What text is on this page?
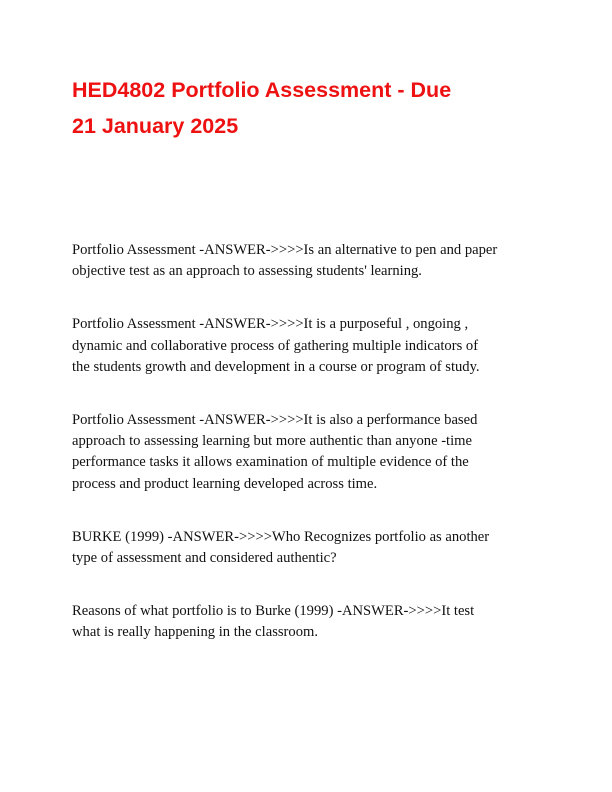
HED4802 Portfolio Assessment - Due
21 January 2025
Portfolio Assessment -ANSWER->>>>Is an alternative to pen and paper
objective test as an approach to assessing students' learning.
Portfolio Assessment -ANSWER->>>>It is a purposeful , ongoing ,
dynamic and collaborative process of gathering multiple indicators of
the students growth and development in a course or program of study.
Portfolio Assessment -ANSWER->>>>It is also a performance based
approach to assessing learning but more authentic than anyone -time
performance tasks it allows examination of multiple evidence of the
process and product learning developed across time.
BURKE (1999) -ANSWER->>>>Who Recognizes portfolio as another
type of assessment and considered authentic?
Reasons of what portfolio is to Burke (1999) -ANSWER->>>>It test
what is really happening in the classroom.
